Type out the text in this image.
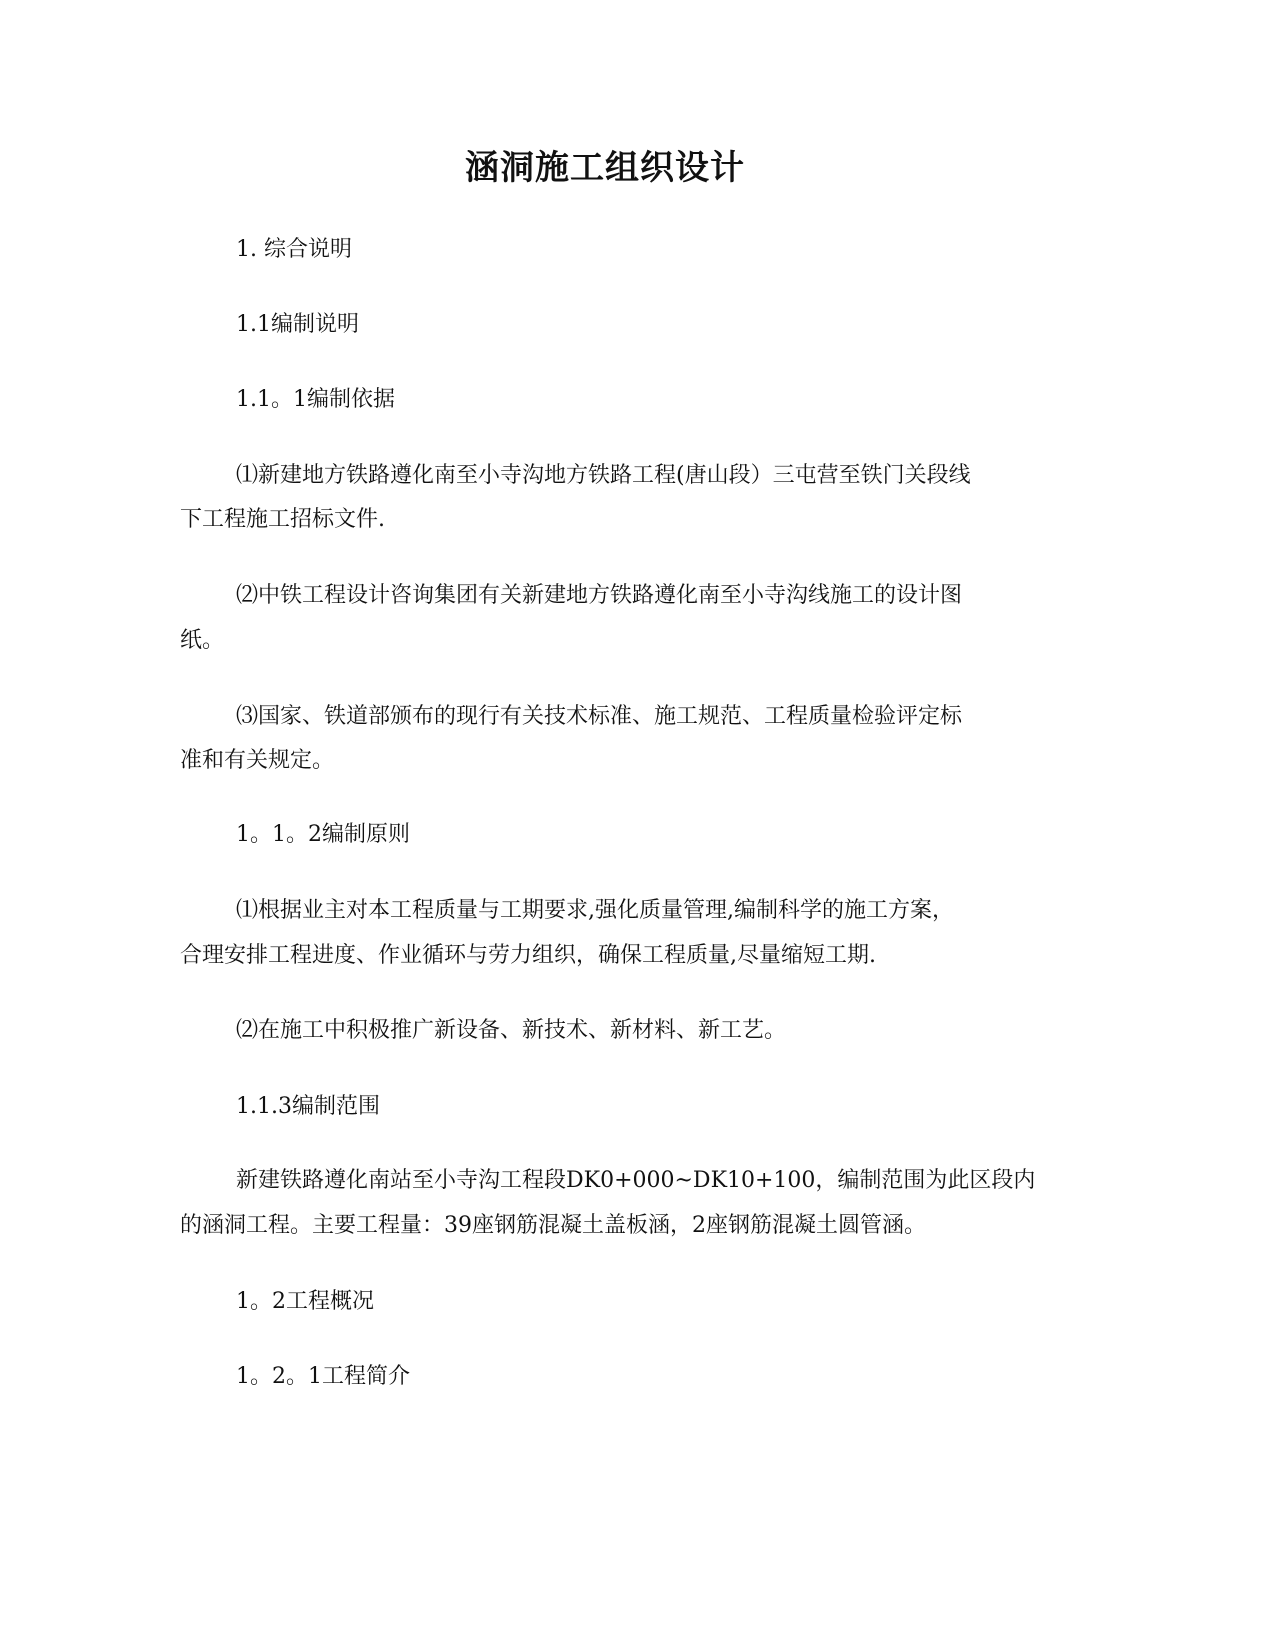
涵洞施工组织设计
1. 综合说明
1.1编制说明
1.1。1编制依据
⑴新建地方铁路遵化南至小寺沟地方铁路工程(唐山段）三屯营至铁门关段线
下工程施工招标文件.
⑵中铁工程设计咨询集团有关新建地方铁路遵化南至小寺沟线施工的设计图
纸。
⑶国家、铁道部颁布的现行有关技术标准、施工规范、工程质量检验评定标
准和有关规定。
1。1。2编制原则
⑴根据业主对本工程质量与工期要求,强化质量管理,编制科学的施工方案，
合理安排工程进度、作业循环与劳力组织，确保工程质量,尽量缩短工期.
⑵在施工中积极推广新设备、新技术、新材料、新工艺。
1.1.3编制范围
新建铁路遵化南站至小寺沟工程段DK0+000~DK10+100，编制范围为此区段内
的涵洞工程。主要工程量：39座钢筋混凝土盖板涵，2座钢筋混凝土圆管涵。
1。2工程概况
1。2。1工程简介
